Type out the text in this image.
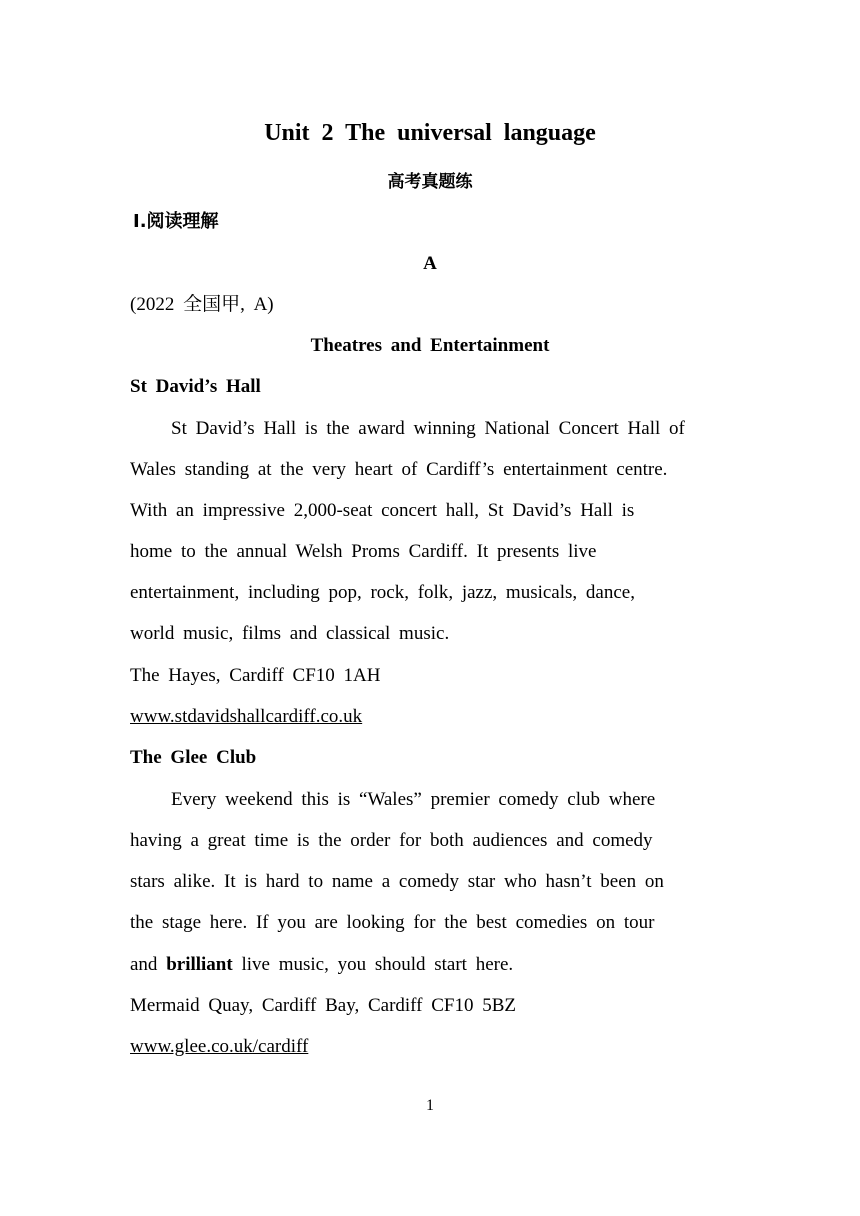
Unit 2 The universal language
高考真题练
Ⅰ.阅读理解
A
(2022 全国甲, A)
Theatres and Entertainment
St David’s Hall
St David’s Hall is the award winning National Concert Hall of
Wales standing at the very heart of Cardiff’s entertainment centre.
With an impressive 2,000-seat concert hall, St David’s Hall is
home to the annual Welsh Proms Cardiff. It presents live
entertainment, including pop, rock, folk, jazz, musicals, dance,
world music, films and classical music.
The Hayes, Cardiff CF10 1AH
www.stdavidshallcardiff.co.uk
The Glee Club
Every weekend this is “Wales” premier comedy club where
having a great time is the order for both audiences and comedy
stars alike. It is hard to name a comedy star who hasn’t been on
the stage here. If you are looking for the best comedies on tour
and brilliant live music, you should start here.
Mermaid Quay, Cardiff Bay, Cardiff CF10 5BZ
www.glee.co.uk/cardiff
1
